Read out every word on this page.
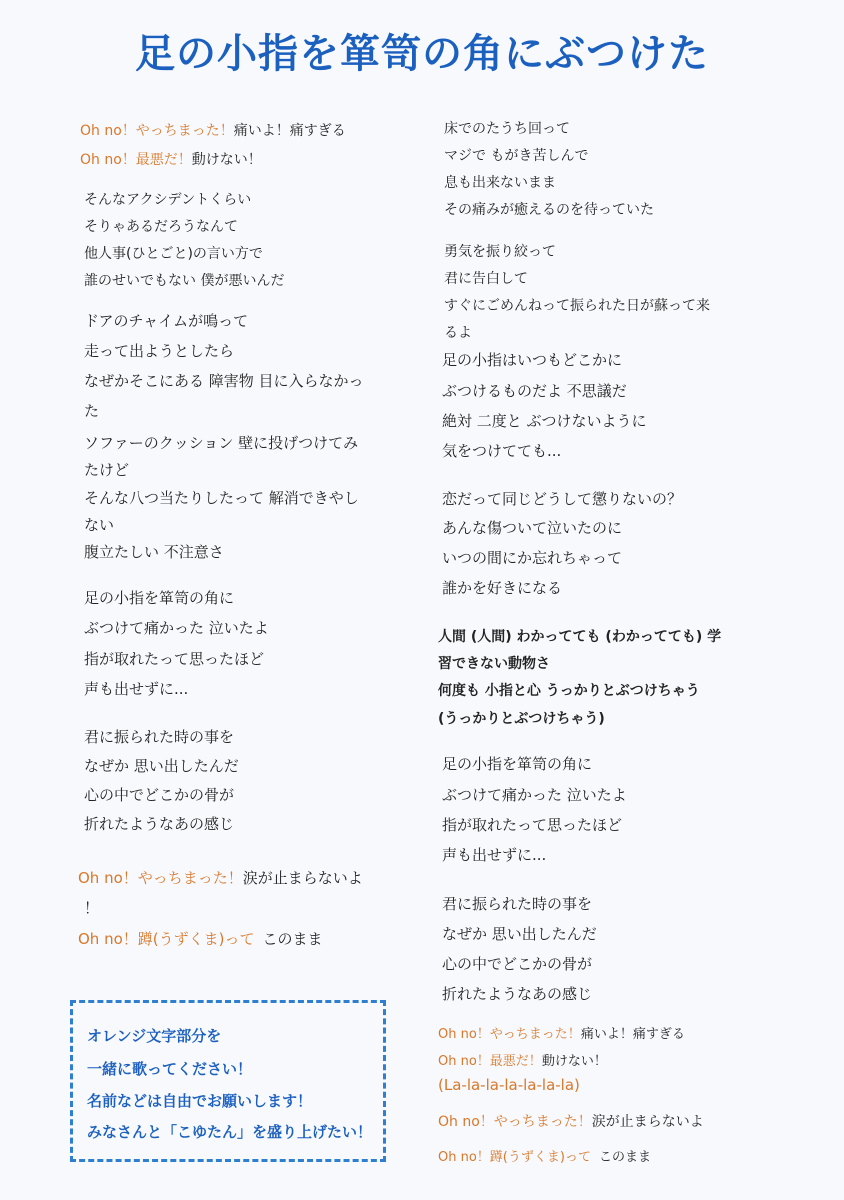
足の小指を箪笥の角にぶつけた
Oh no！やっちまった！痛いよ！痛すぎる
Oh no！最悪だ！動けない！
そんなアクシデントくらい
そりゃあるだろうなんて
他人事(ひとごと)の言い方で
誰のせいでもない 僕が悪いんだ
ドアのチャイムが鳴って
走って出ようとしたら
なぜかそこにある 障害物 目に入らなかっ
た
ソファーのクッション 壁に投げつけてみ
たけど
そんな八つ当たりしたって 解消できやし
ない
腹立たしい 不注意さ
足の小指を箪笥の角に
ぶつけて痛かった 泣いたよ
指が取れたって思ったほど
声も出せずに...
君に振られた時の事を
なぜか 思い出したんだ
心の中でどこかの骨が
折れたようなあの感じ
Oh no！やっちまった！涙が止まらないよ
！
Oh no！蹲(うずくま)って このまま
オレンジ文字部分を
一緒に歌ってください！
名前などは自由でお願いします！
みなさんと「こゆたん」を盛り上げたい！
床でのたうち回って
マジで もがき苦しんで
息も出来ないまま
その痛みが癒えるのを待っていた
勇気を振り絞って
君に告白して
すぐにごめんねって振られた日が蘇って来
るよ
足の小指はいつもどこかに
ぶつけるものだよ 不思議だ
絶対 二度と ぶつけないように
気をつけてても...
恋だって同じどうして懲りないの？
あんな傷ついて泣いたのに
いつの間にか忘れちゃって
誰かを好きになる
人間 (人間) わかってても (わかってても) 学
習できない動物さ
何度も 小指と心 うっかりとぶつけちゃう
(うっかりとぶつけちゃう)
足の小指を箪笥の角に
ぶつけて痛かった 泣いたよ
指が取れたって思ったほど
声も出せずに...
君に振られた時の事を
なぜか 思い出したんだ
心の中でどこかの骨が
折れたようなあの感じ
Oh no！やっちまった！痛いよ！痛すぎる
Oh no！最悪だ！動けない！
(La-la-la-la-la-la-la)
Oh no！やっちまった！涙が止まらないよ
Oh no！蹲(うずくま)って このまま
